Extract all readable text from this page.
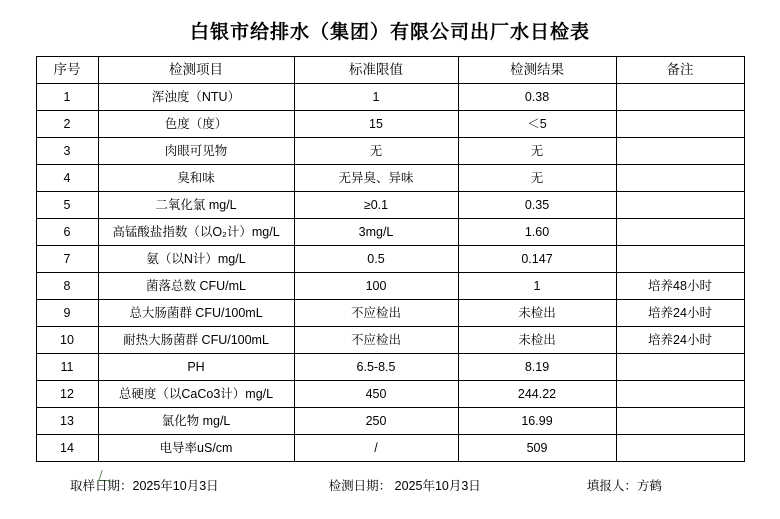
白银市给排水（集团）有限公司出厂水日检表
序号	检测项目	标准限值	检测结果	备注
1	浑浊度（NTU）	1	0.38	
2	色度（度）	15	＜5	
3	肉眼可见物	无	无	
4	臭和味	无异臭、异味	无	
5	二氧化氯 mg/L	≥0.1	0.35	
6	高锰酸盐指数（以O₂计）mg/L	3mg/L	1.60	
7	氨（以N计）mg/L	0.5	0.147	
8	菌落总数 CFU/mL	100	1	培养48小时
9	总大肠菌群 CFU/100mL	不应检出	未检出	培养24小时
10	耐热大肠菌群 CFU/100mL	不应检出	未检出	培养24小时
11	PH	6.5-8.5	8.19	
12	总硬度（以CaCo3计）mg/L	450	244.22	
13	氯化物 mg/L	250	16.99	
14	电导率uS/cm	/	509	
取样日期：2025年10月3日	检测日期： 2025年10月3日	填报人：方鹤
